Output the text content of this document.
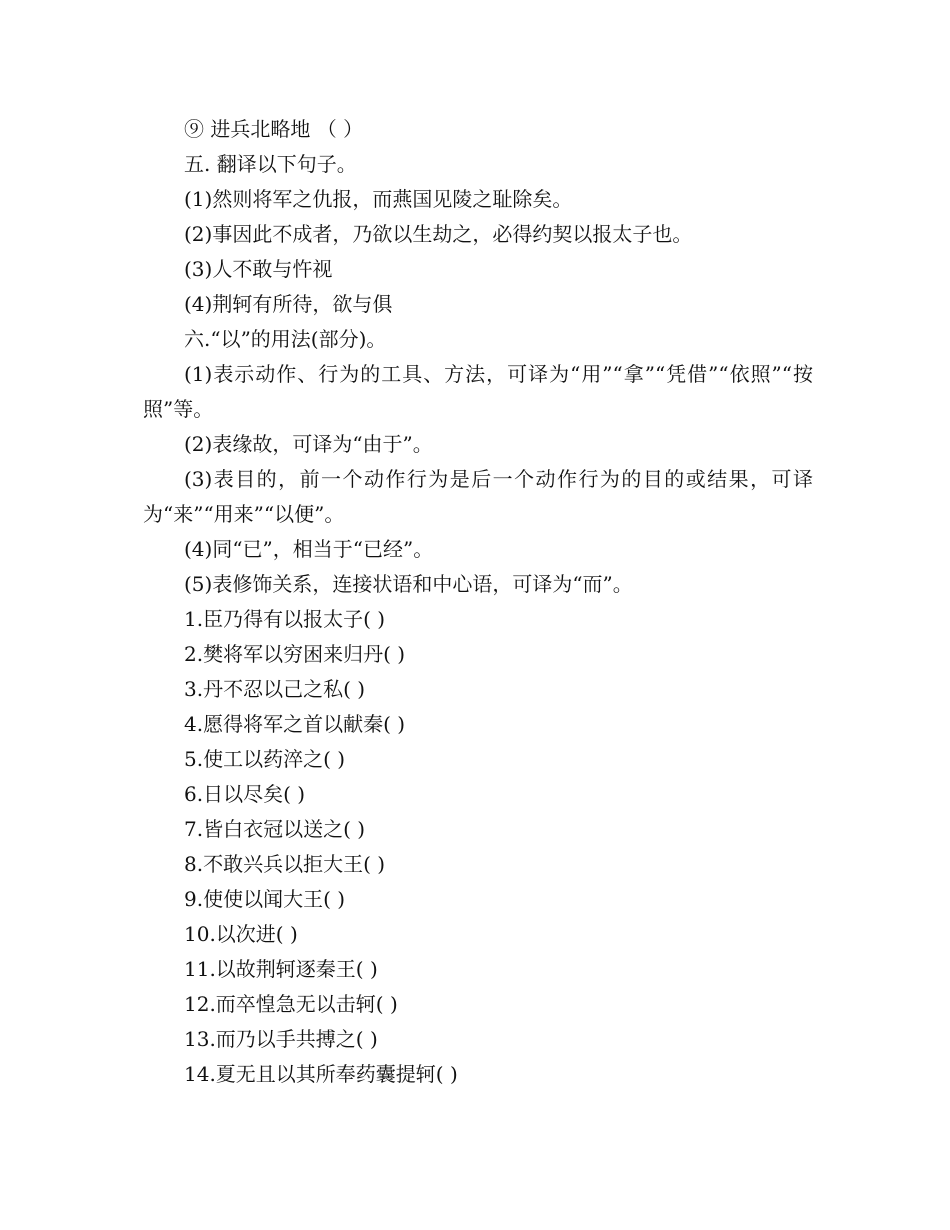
⑨ 进兵北略地 （ ）

五. 翻译以下句子。

(1)然则将军之仇报，而燕国见陵之耻除矣。

(2)事因此不成者，乃欲以生劫之，必得约契以报太子也。

(3)人不敢与忤视

(4)荆轲有所待，欲与俱

六.“以”的用法(部分)。

(1)表示动作、行为的工具、方法，可译为“用”“拿”“凭借”“依照”“按照”等。

(2)表缘故，可译为“由于”。

(3)表目的，前一个动作行为是后一个动作行为的目的或结果，可译为“来”“用来”“以便”。

(4)同“已”，相当于“已经”。

(5)表修饰关系，连接状语和中心语，可译为“而”。

1.臣乃得有以报太子( )

2.樊将军以穷困来归丹( )

3.丹不忍以己之私( )

4.愿得将军之首以献秦( )

5.使工以药淬之( )

6.日以尽矣( )

7.皆白衣冠以送之( )

8.不敢兴兵以拒大王( )

9.使使以闻大王( )

10.以次进( )

11.以故荆轲逐秦王( )

12.而卒惶急无以击轲( )

13.而乃以手共搏之( )

14.夏无且以其所奉药囊提轲( )
